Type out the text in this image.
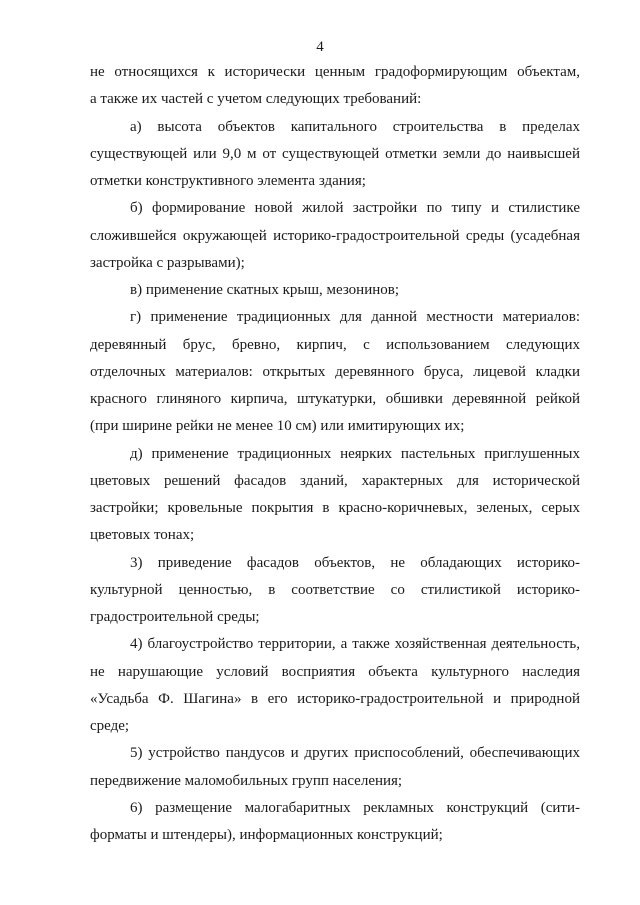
4
не относящихся к исторически ценным градоформирующим объектам,
а также их частей с учетом следующих требований:
а) высота объектов капитального строительства в пределах
существующей или 9,0 м от существующей отметки земли до наивысшей
отметки конструктивного элемента здания;
б) формирование новой жилой застройки по типу и стилистике
сложившейся окружающей историко-градостроительной среды (усадебная
застройка с разрывами);
в) применение скатных крыш, мезонинов;
г) применение традиционных для данной местности материалов:
деревянный брус, бревно, кирпич, с использованием следующих
отделочных материалов: открытых деревянного бруса, лицевой кладки
красного глиняного кирпича, штукатурки, обшивки деревянной рейкой
(при ширине рейки не менее 10 см) или имитирующих их;
д) применение традиционных неярких пастельных приглушенных
цветовых решений фасадов зданий, характерных для исторической
застройки; кровельные покрытия в красно-коричневых, зеленых, серых
цветовых тонах;
3) приведение фасадов объектов, не обладающих историко-
культурной ценностью, в соответствие со стилистикой историко-
градостроительной среды;
4) благоустройство территории, а также хозяйственная деятельность,
не нарушающие условий восприятия объекта культурного наследия
«Усадьба Ф. Шагина» в его историко-градостроительной и природной
среде;
5) устройство пандусов и других приспособлений, обеспечивающих
передвижение маломобильных групп населения;
6) размещение малогабаритных рекламных конструкций (сити-
форматы и штендеры), информационных конструкций;
